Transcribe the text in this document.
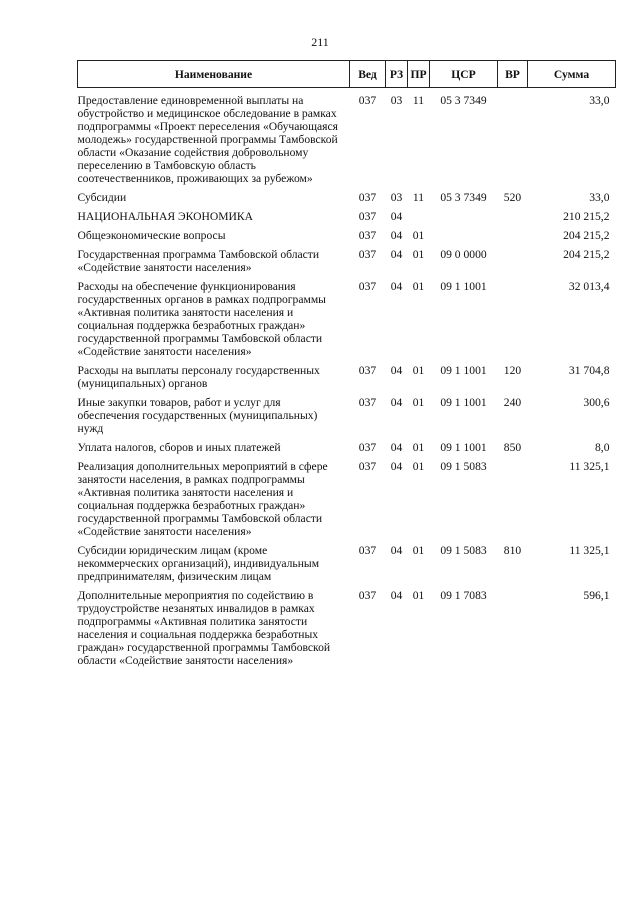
211
Наименование	Вед	РЗ	ПР	ЦСР	ВР	Сумма
Предоставление единовременной выплаты на обустройство и медицинское обследование в рамках подпрограммы «Проект переселения «Обучающаяся молодежь» государственной программы Тамбовской области «Оказание содействия добровольному переселению в Тамбовскую область соотечественников, проживающих за рубежом»	037	03	11	05 3 7349		33,0
Субсидии	037	03	11	05 3 7349	520	33,0
НАЦИОНАЛЬНАЯ ЭКОНОМИКА	037	04				210 215,2
Общеэкономические вопросы	037	04	01			204 215,2
Государственная программа Тамбовской области «Содействие занятости населения»	037	04	01	09 0 0000		204 215,2
Расходы на обеспечение функционирования государственных органов в рамках подпрограммы «Активная политика занятости населения и социальная поддержка безработных граждан» государственной программы Тамбовской области «Содействие занятости населения»	037	04	01	09 1 1001		32 013,4
Расходы на выплаты персоналу государственных (муниципальных) органов	037	04	01	09 1 1001	120	31 704,8
Иные закупки товаров, работ и услуг для обеспечения государственных (муниципальных) нужд	037	04	01	09 1 1001	240	300,6
Уплата налогов, сборов и иных платежей	037	04	01	09 1 1001	850	8,0
Реализация дополнительных мероприятий в сфере занятости населения, в рамках подпрограммы «Активная политика занятости населения и социальная поддержка безработных граждан» государственной программы Тамбовской области «Содействие занятости населения»	037	04	01	09 1 5083		11 325,1
Субсидии юридическим лицам (кроме некоммерческих организаций), индивидуальным предпринимателям, физическим лицам	037	04	01	09 1 5083	810	11 325,1
Дополнительные мероприятия по содействию в трудоустройстве незанятых инвалидов в рамках подпрограммы «Активная политика занятости населения и социальная поддержка безработных граждан» государственной программы Тамбовской области «Содействие занятости населения»	037	04	01	09 1 7083		596,1
